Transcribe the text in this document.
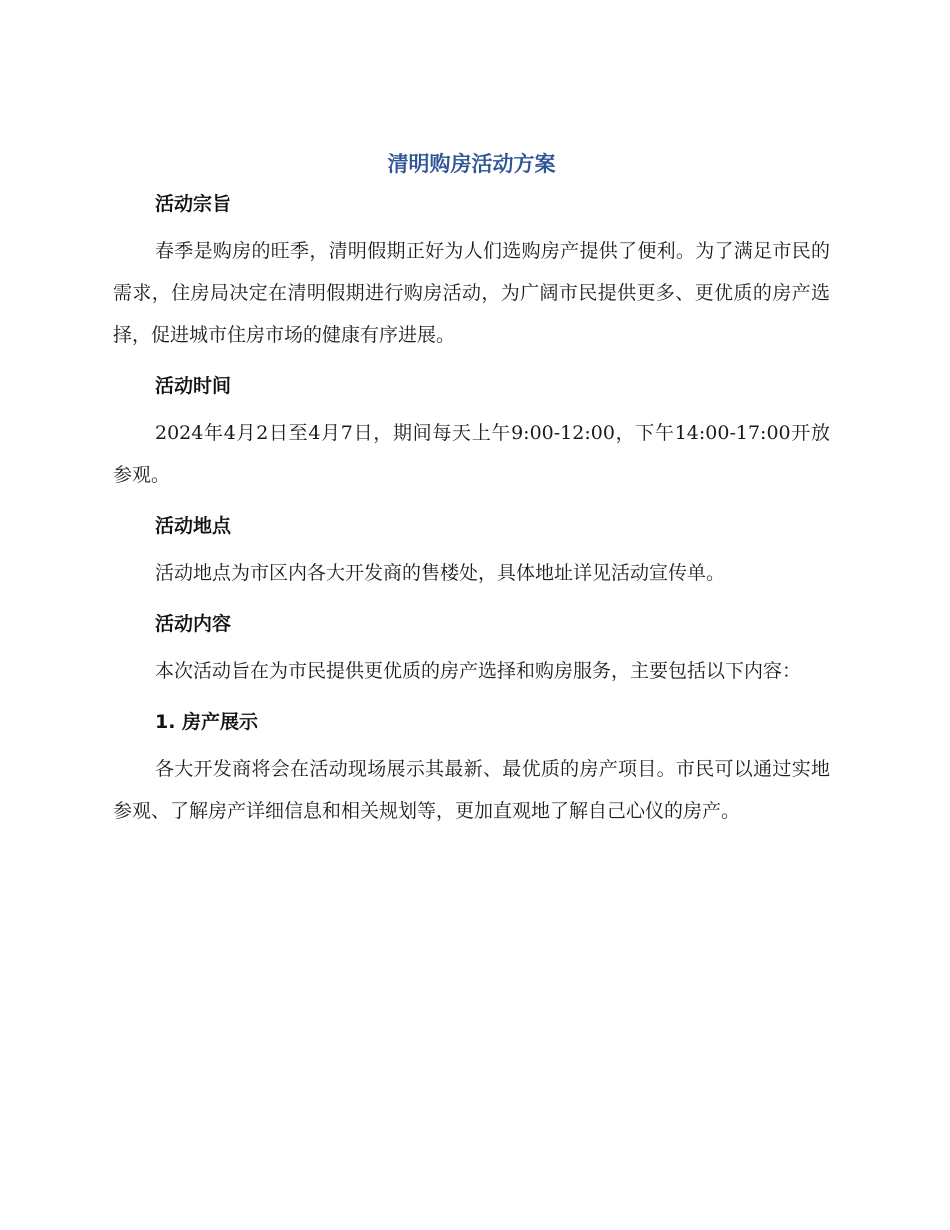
清明购房活动方案
活动宗旨

春季是购房的旺季，清明假期正好为人们选购房产提供了便利。为了满足市民的需求，住房局决定在清明假期进行购房活动，为广阔市民提供更多、更优质的房产选择，促进城市住房市场的健康有序进展。

活动时间

2024年4月2日至4月7日，期间每天上午9:00-12:00，下午14:00-17:00开放参观。

活动地点

活动地点为市区内各大开发商的售楼处，具体地址详见活动宣传单。

活动内容

本次活动旨在为市民提供更优质的房产选择和购房服务，主要包括以下内容：

1. 房产展示

各大开发商将会在活动现场展示其最新、最优质的房产项目。市民可以通过实地参观、了解房产详细信息和相关规划等，更加直观地了解自己心仪的房产。
